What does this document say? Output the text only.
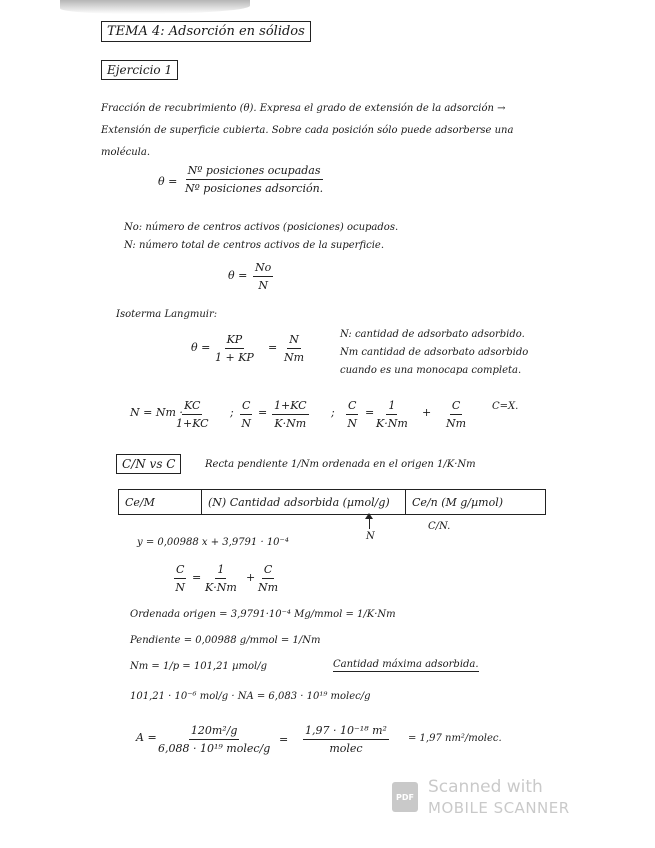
TEMA 4: Adsorción en sólidos
Ejercicio 1
Fracción de recubrimiento (θ). Expresa el grado de extensión de la adsorción →
Extensión de superficie cubierta. Sobre cada posición sólo puede adsorberse una
molécula.
θ =
Nº posiciones ocupadas
Nº posiciones adsorción.
No: número de centros activos (posiciones) ocupados.
N: número total de centros activos de la superficie.
$\theta = \frac{No}{N}$
Isoterma Langmuir:
$\theta = \frac{KP}{1 + KP} = \frac{N}{Nm}$	N: cantidad de adsorbato adsorbido.
Nm cantidad de adsorbato adsorbido
cuando es una monocapa completa.
N = Nm ·
$\frac{KC}{1+KC}$ ; $\frac{C}{N} = \frac{1+KC}{K\cdot Nm}$ ; $\frac{C}{N} = \frac{1}{K\cdot Nm} + \frac{C}{Nm}$	C=X.
C/N vs C	Recta pendiente 1/Nm ordenada en el origen 1/K·Nm
Ce/M	(N) Cantidad adsorbida (µmol/g)	Ce/n (M g/µmol)
N
C/N.
y = 0,00988 x + 3,9791 · 10⁻⁴
$\frac{C}{N} = \frac{1}{K\cdot Nm} + \frac{C}{Nm}$
Ordenada origen = 3,9791·10⁻⁴ Mg/mmol = 1/K·Nm
Pendiente = 0,00988 g/mmol = 1/Nm
Nm = 1/p = 101,21 µmol/g	Cantidad máxima adsorbida.
101,21 · 10⁻⁶ mol/g · NA = 6,083 · 10¹⁹ molec/g
A =
120m²/g
6,088 · 10¹⁹ molec/g
=
1,97 · 10⁻¹⁸ m²
molec
= 1,97 nm²/molec.
PDF Scanned with
MOBILE SCANNER
